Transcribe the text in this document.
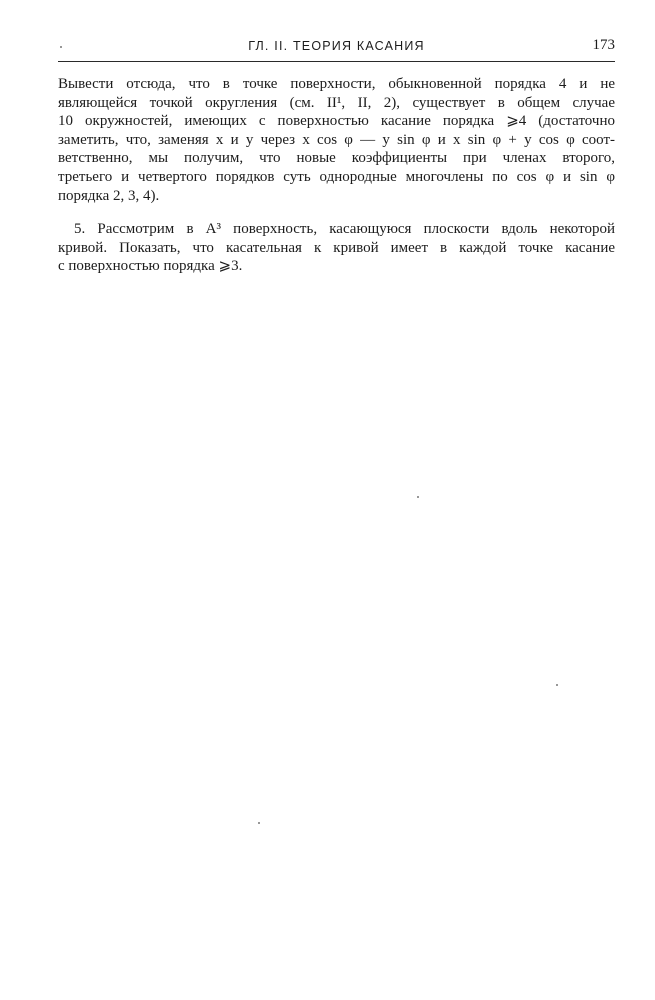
ГЛ. II. ТЕОРИЯ КАСАНИЯ	173
Вывести отсюда, что в точке поверхности, обыкновенной порядка 4 и не
являющейся точкой округления (см. II¹, II, 2), существует в общем случае
10 окружностей, имеющих с поверхностью касание порядка ⩾4 (достаточно
заметить, что, заменяя x и y через x cos φ — y sin φ и x sin φ + y cos φ соот-
ветственно, мы получим, что новые коэффициенты при членах второго,
третьего и четвертого порядков суть однородные многочлены по cos φ и sin φ
порядка 2, 3, 4).
5. Рассмотрим в A³ поверхность, касающуюся плоскости вдоль некоторой
кривой. Показать, что касательная к кривой имеет в каждой точке касание
с поверхностью порядка ⩾3.
